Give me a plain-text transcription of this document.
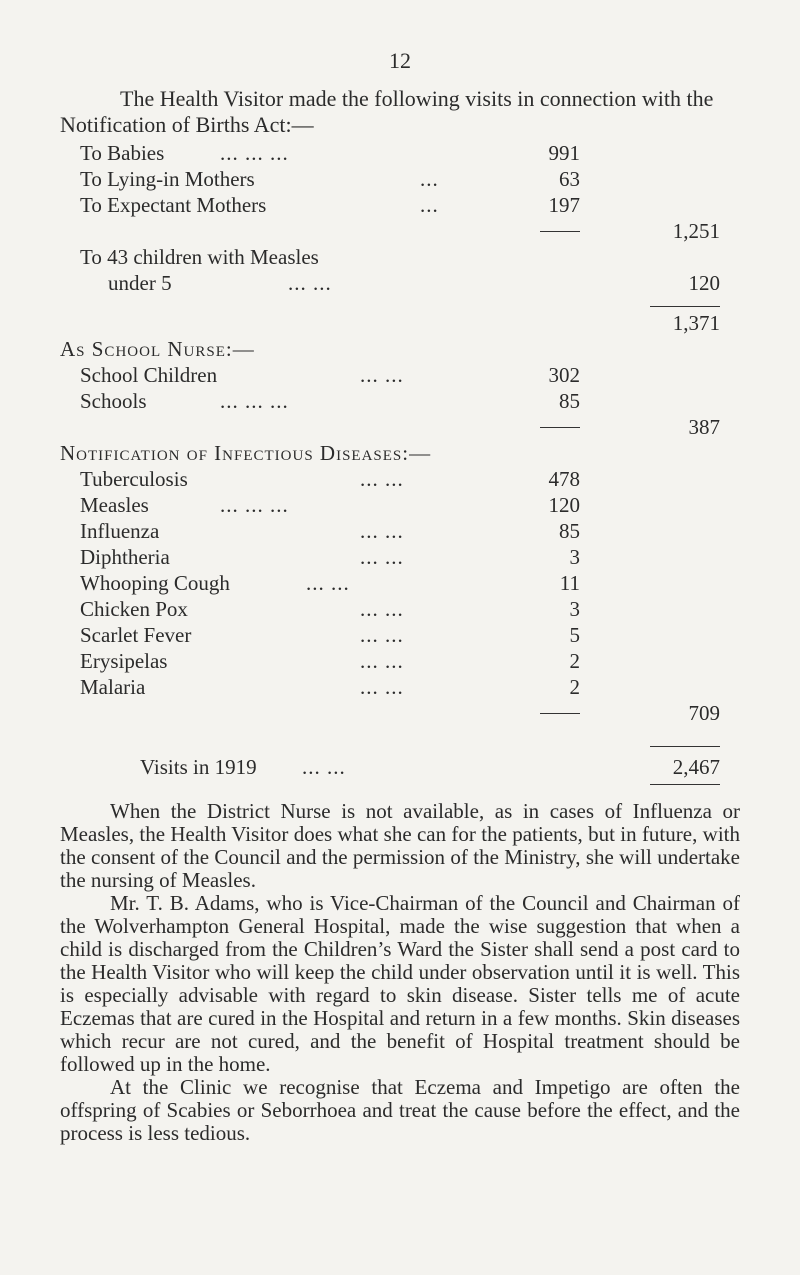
12

The Health Visitor made the following visits in connection with the Notification of Births Act:—

To Babies	... ... ...	991
To Lying-in Mothers	...	63
To Expectant Mothers	...	197
1,251
To 43 children with Measles
under 5	... ...	120
1,371
As School Nurse:—
School Children	... ...	302
Schools	... ... ...	85
387
Notification of Infectious Diseases:—
Tuberculosis	... ...	478
Measles	... ... ...	120
Influenza	... ...	85
Diphtheria	... ...	3
Whooping Cough	... ...	11
Chicken Pox	... ...	3
Scarlet Fever	... ...	5
Erysipelas	... ...	2
Malaria	... ...	2
709
Visits in 1919 ... ...	2,467

When the District Nurse is not available, as in cases of Influenza or Measles, the Health Visitor does what she can for the patients, but in future, with the consent of the Council and the permission of the Ministry, she will undertake the nursing of Measles.

Mr. T. B. Adams, who is Vice-Chairman of the Council and Chairman of the Wolverhampton General Hospital, made the wise suggestion that when a child is discharged from the Children’s Ward the Sister shall send a post card to the Health Visitor who will keep the child under observation until it is well. This is especially advisable with regard to skin disease. Sister tells me of acute Eczemas that are cured in the Hospital and return in a few months. Skin diseases which recur are not cured, and the benefit of Hospital treatment should be followed up in the home.

At the Clinic we recognise that Eczema and Impetigo are often the offspring of Scabies or Seborrhoea and treat the cause before the effect, and the process is less tedious.
